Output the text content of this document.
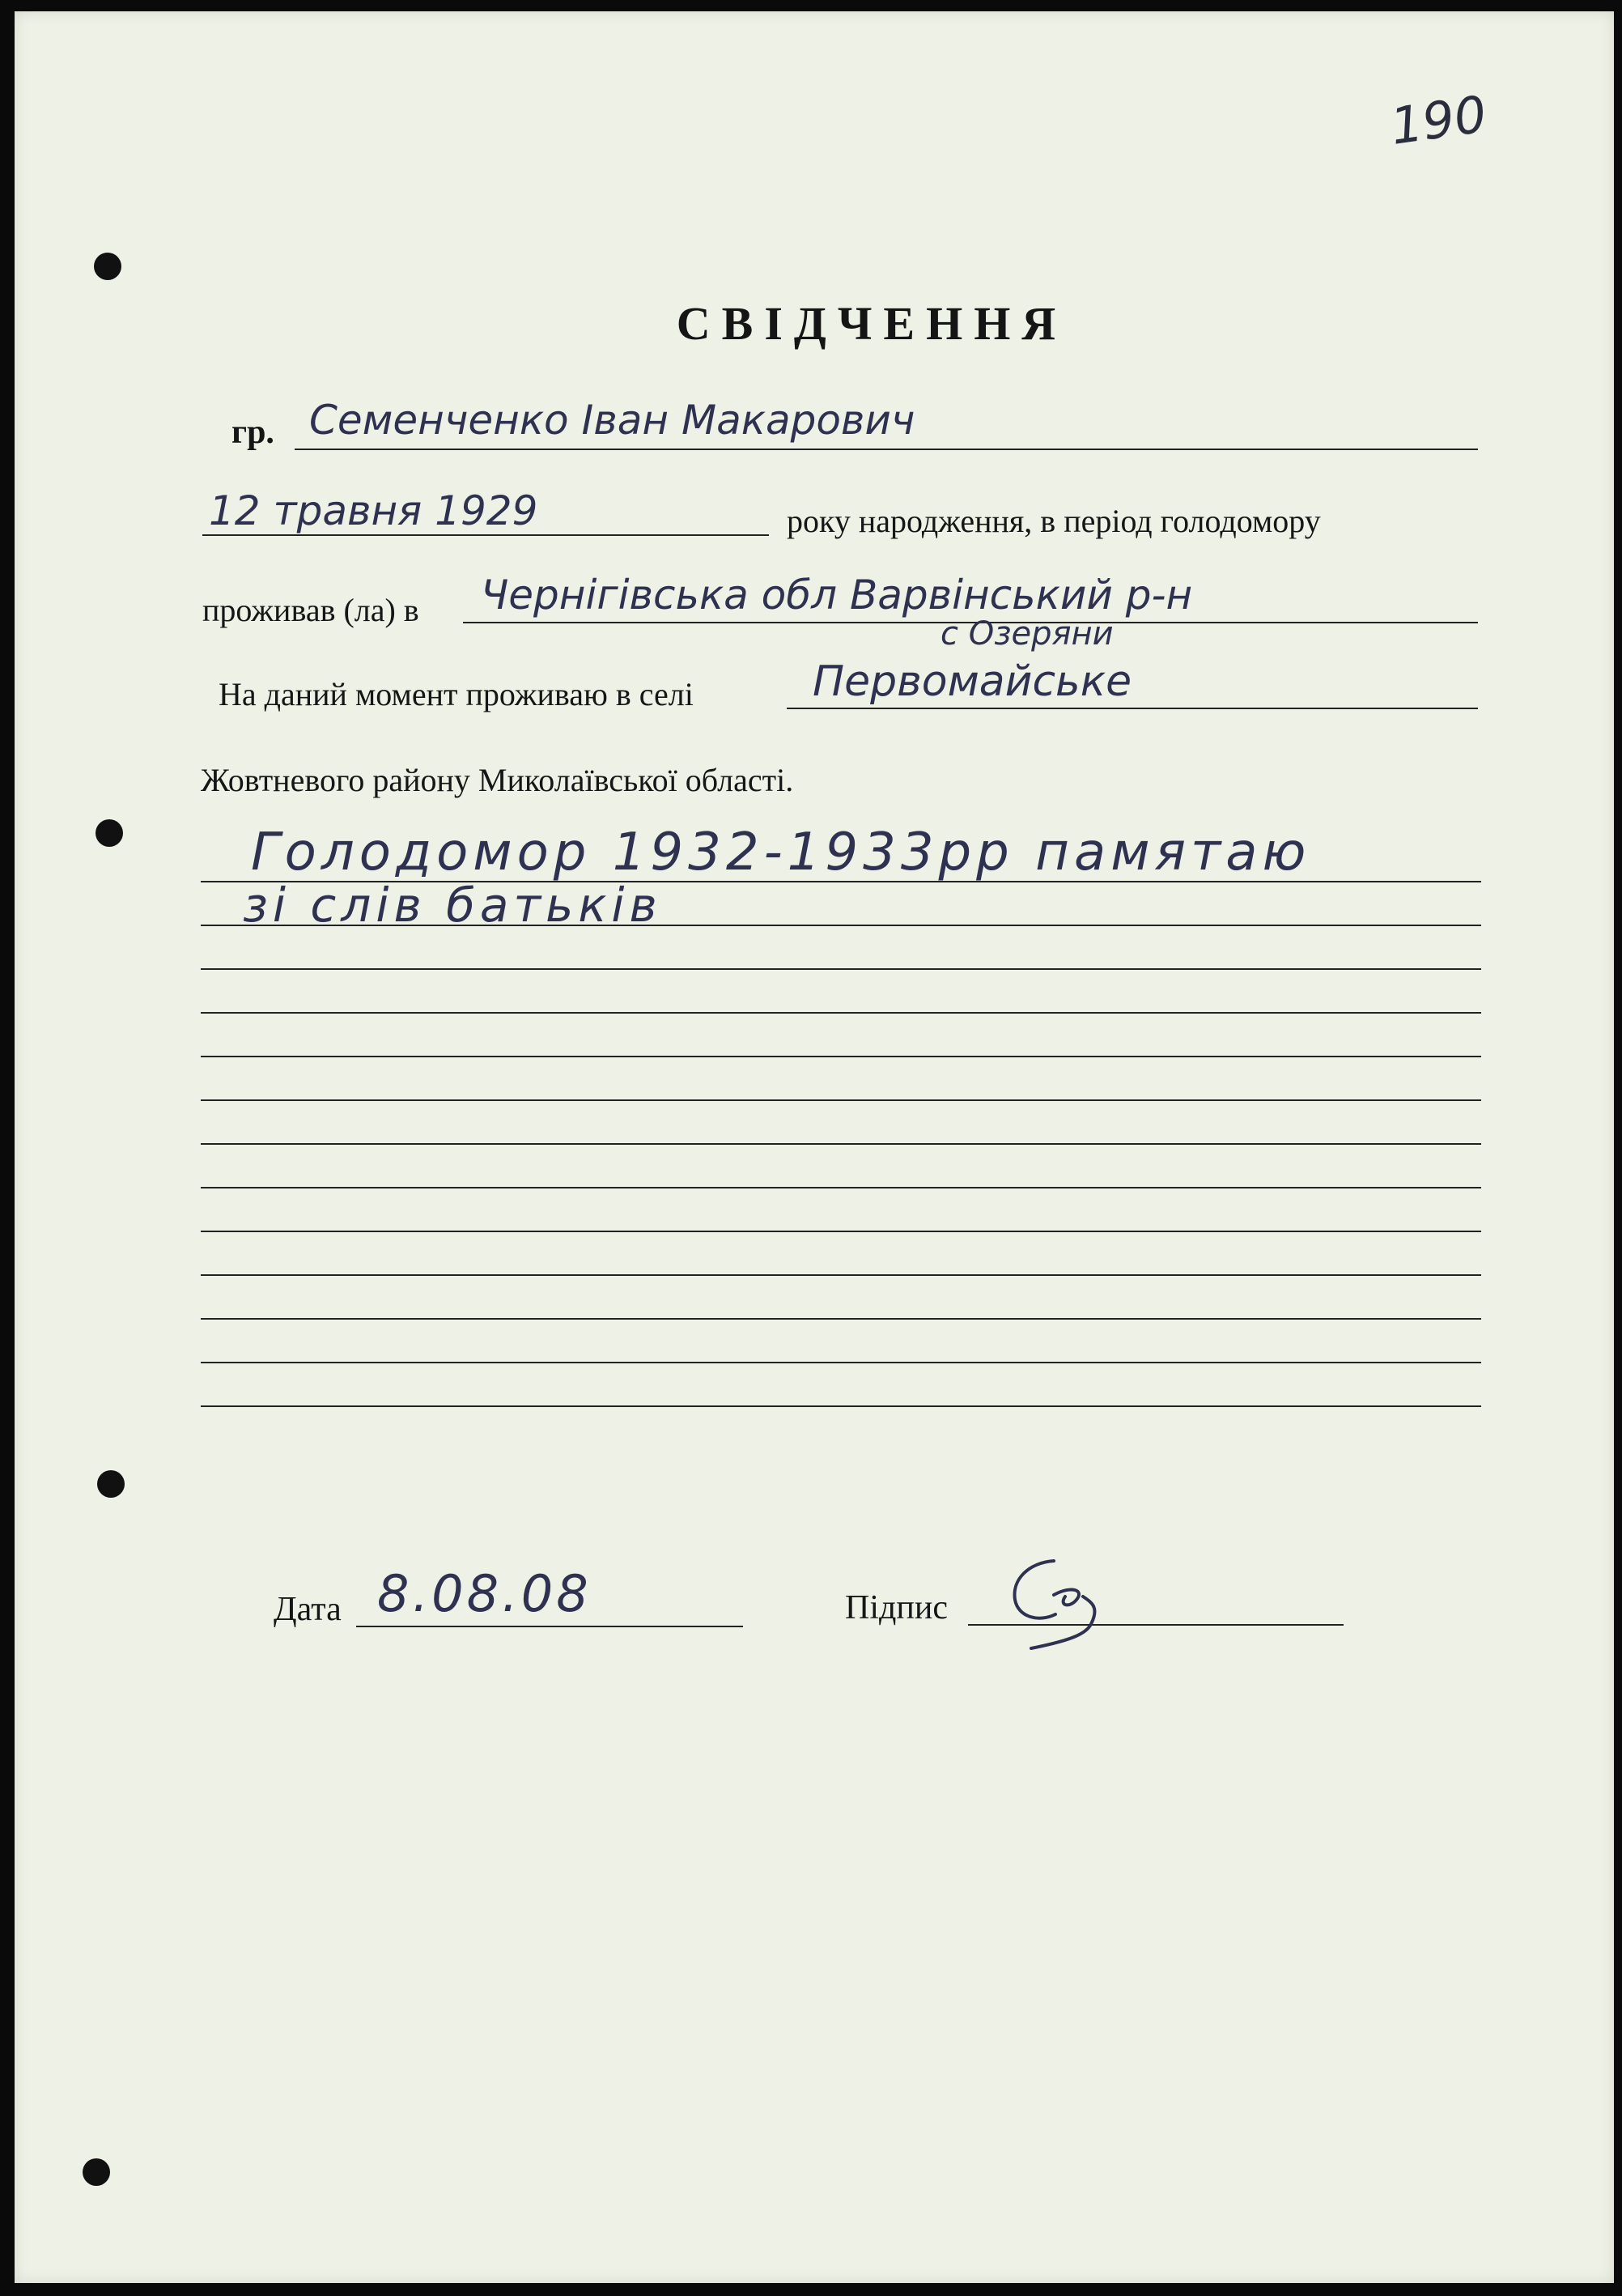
190
СВІДЧЕННЯ
гр. Семенченко Іван Макарович
12 травня 1929	року народження, в період голодомору
проживав (ла) в Чернігівська обл Варвінський р-н
с Озеряни
На даний момент проживаю в селі	Первомайське
Жовтневого району Миколаївської області.
Голодомор 1932-1933рр памятаю
зі слів батьків
Дата 8.08.08	Підпис
